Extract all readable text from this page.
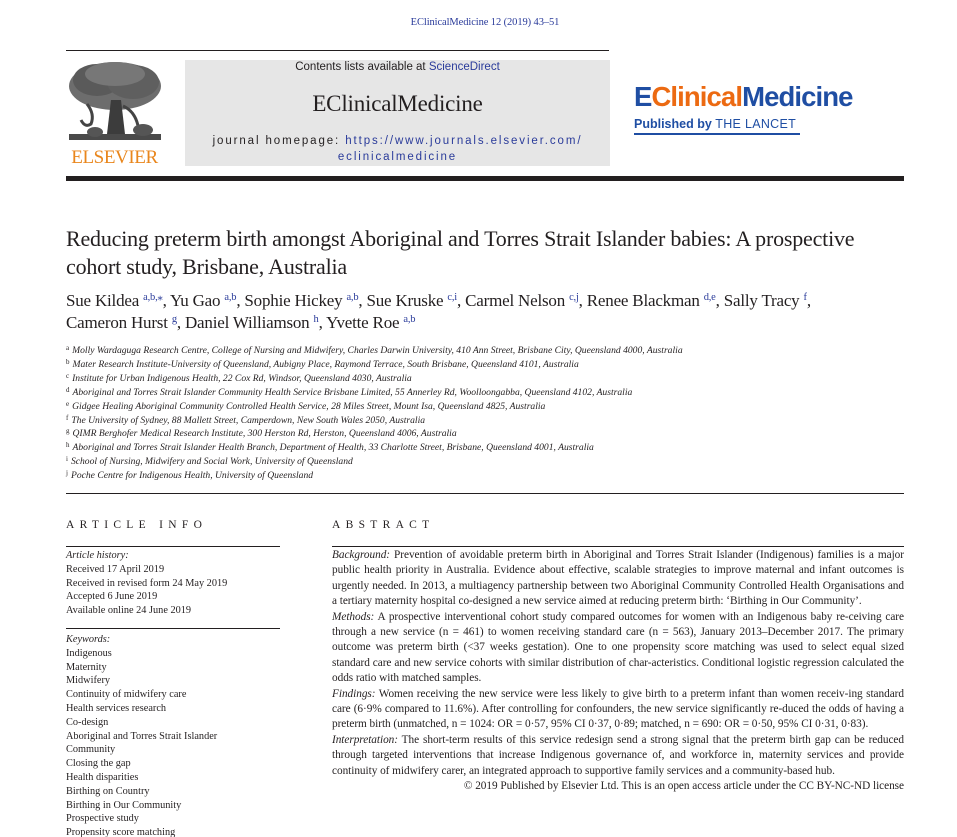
EClinicalMedicine 12 (2019) 43–51
ELSEVIER
Contents lists available at ScienceDirect
EClinicalMedicine
journal homepage: https://www.journals.elsevier.com/
eclinicalmedicine
EClinicalMedicine
Published by THE LANCET
Reducing preterm birth amongst Aboriginal and Torres Strait Islander babies: A prospective cohort study, Brisbane, Australia
Sue Kildea $^{a,b,⁎}$, Yu Gao $^{a,b}$, Sophie Hickey $^{a,b}$, Sue Kruske $^{c,i}$, Carmel Nelson $^{c,j}$, Renee Blackman $^{d,e}$, Sally Tracy $^f$,
Cameron Hurst $^g$, Daniel Williamson $^h$, Yvette Roe $^{a,b}$
$^a$ Molly Wardaguga Research Centre, College of Nursing and Midwifery, Charles Darwin University, 410 Ann Street, Brisbane City, Queensland 4000, Australia
$^b$ Mater Research Institute-University of Queensland, Aubigny Place, Raymond Terrace, South Brisbane, Queensland 4101, Australia
$^c$ Institute for Urban Indigenous Health, 22 Cox Rd, Windsor, Queensland 4030, Australia
$^d$ Aboriginal and Torres Strait Islander Community Health Service Brisbane Limited, 55 Annerley Rd, Woolloongabba, Queensland 4102, Australia
$^e$ Gidgee Healing Aboriginal Community Controlled Health Service, 28 Miles Street, Mount Isa, Queensland 4825, Australia
$^f$ The University of Sydney, 88 Mallett Street, Camperdown, New South Wales 2050, Australia
$^g$ QIMR Berghofer Medical Research Institute, 300 Herston Rd, Herston, Queensland 4006, Australia
$^h$ Aboriginal and Torres Strait Islander Health Branch, Department of Health, 33 Charlotte Street, Brisbane, Queensland 4001, Australia
$^i$ School of Nursing, Midwifery and Social Work, University of Queensland
$^j$ Poche Centre for Indigenous Health, University of Queensland
ARTICLE INFO	ABSTRACT
Article history:
Received 17 April 2019
Received in revised form 24 May 2019
Accepted 6 June 2019
Available online 24 June 2019
Keywords:
Indigenous
Maternity
Midwifery
Continuity of midwifery care
Health services research
Co-design
Aboriginal and Torres Strait Islander
Community
Closing the gap
Health disparities
Birthing on Country
Birthing in Our Community
Prospective study
Propensity score matching

Background: Prevention of avoidable preterm birth in Aboriginal and Torres Strait Islander (Indigenous) families is a major public health priority in Australia. Evidence about effective, scalable strategies to improve maternal and infant outcomes is urgently needed. In 2013, a multiagency partnership between two Aboriginal Community Controlled Health Organisations and a tertiary maternity hospital co-designed a new service aimed at reducing preterm birth: ‘Birthing in Our Community’.

Methods: A prospective interventional cohort study compared outcomes for women with an Indigenous baby re-ceiving care through a new service (n = 461) to women receiving standard care (n = 563), January 2013–December 2017. The primary outcome was preterm birth (<37 weeks gestation). One to one propensity score matching was used to select equal sized standard care and new service cohorts with similar distribution of char-acteristics. Conditional logistic regression calculated the odds ratio with matched samples.

Findings: Women receiving the new service were less likely to give birth to a preterm infant than women receiv-ing standard care (6·9% compared to 11.6%). After controlling for confounders, the new service significantly re-duced the odds of having a preterm birth (unmatched, n = 1024: OR = 0·57, 95% CI 0·37, 0·89; matched, n = 690: OR = 0·50, 95% CI 0·31, 0·83).

Interpretation: The short-term results of this service redesign send a strong signal that the preterm birth gap can be reduced through targeted interventions that increase Indigenous governance of, and workforce in, maternity services and provide continuity of midwifery carer, an integrated approach to supportive family services and a community-based hub.

© 2019 Published by Elsevier Ltd. This is an open access article under the CC BY-NC-ND license
